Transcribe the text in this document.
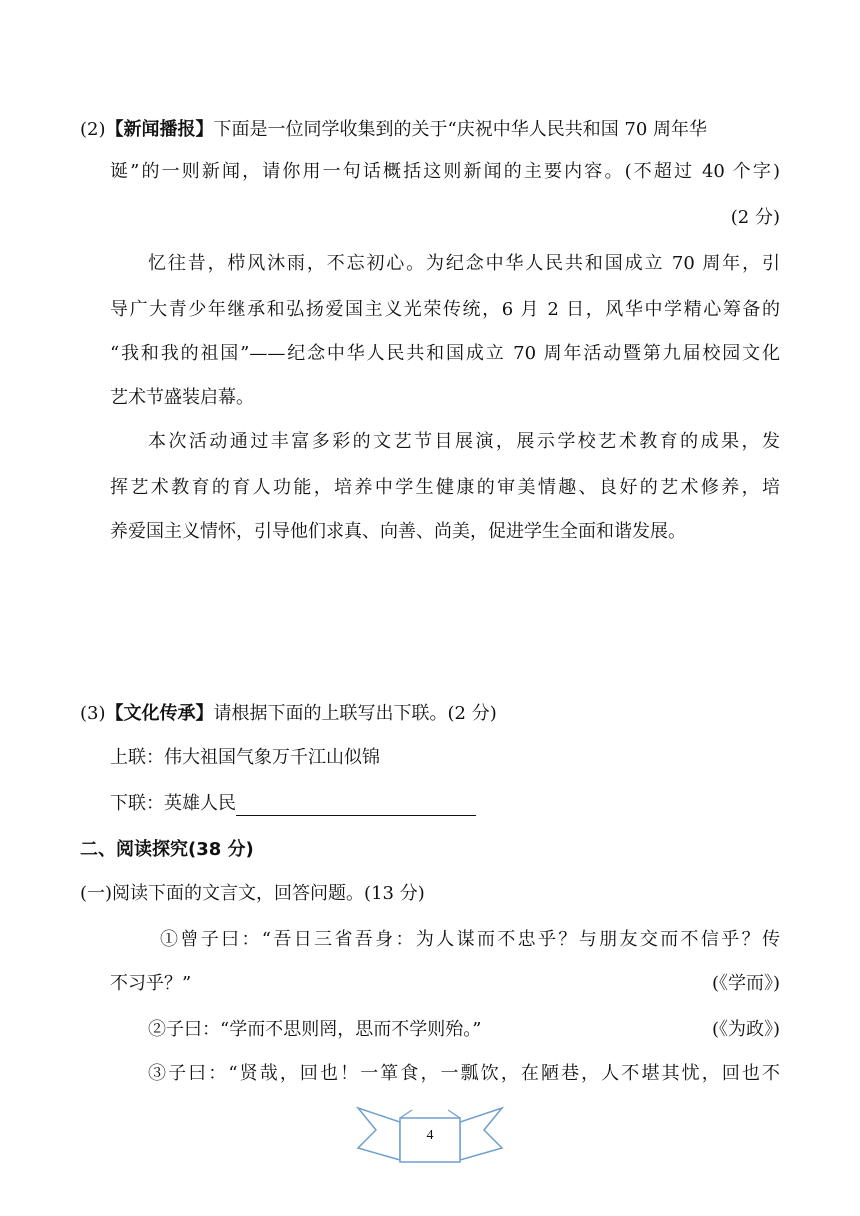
(2)【新闻播报】下面是一位同学收集到的关于“庆祝中华人民共和国 70 周年华
诞”的一则新闻，请你用一句话概括这则新闻的主要内容。(不超过 40 个字)
(2 分)
忆往昔，栉风沐雨，不忘初心。为纪念中华人民共和国成立 70 周年，引
导广大青少年继承和弘扬爱国主义光荣传统，6 月 2 日，风华中学精心筹备的
“我和我的祖国”——纪念中华人民共和国成立 70 周年活动暨第九届校园文化
艺术节盛装启幕。
本次活动通过丰富多彩的文艺节目展演，展示学校艺术教育的成果，发
挥艺术教育的育人功能，培养中学生健康的审美情趣、良好的艺术修养，培
养爱国主义情怀，引导他们求真、向善、尚美，促进学生全面和谐发展。
(3)【文化传承】请根据下面的上联写出下联。(2 分)
上联：伟大祖国气象万千江山似锦
下联：英雄人民
二、阅读探究(38 分)
(一)阅读下面的文言文，回答问题。(13 分)
①曾子曰：“吾日三省吾身：为人谋而不忠乎？与朋友交而不信乎？传
不习乎？”	(《学而》)
②子曰：“学而不思则罔，思而不学则殆。”	(《为政》)
③子曰：“贤哉，回也！一箪食，一瓢饮，在陋巷，人不堪其忧，回也不
4
